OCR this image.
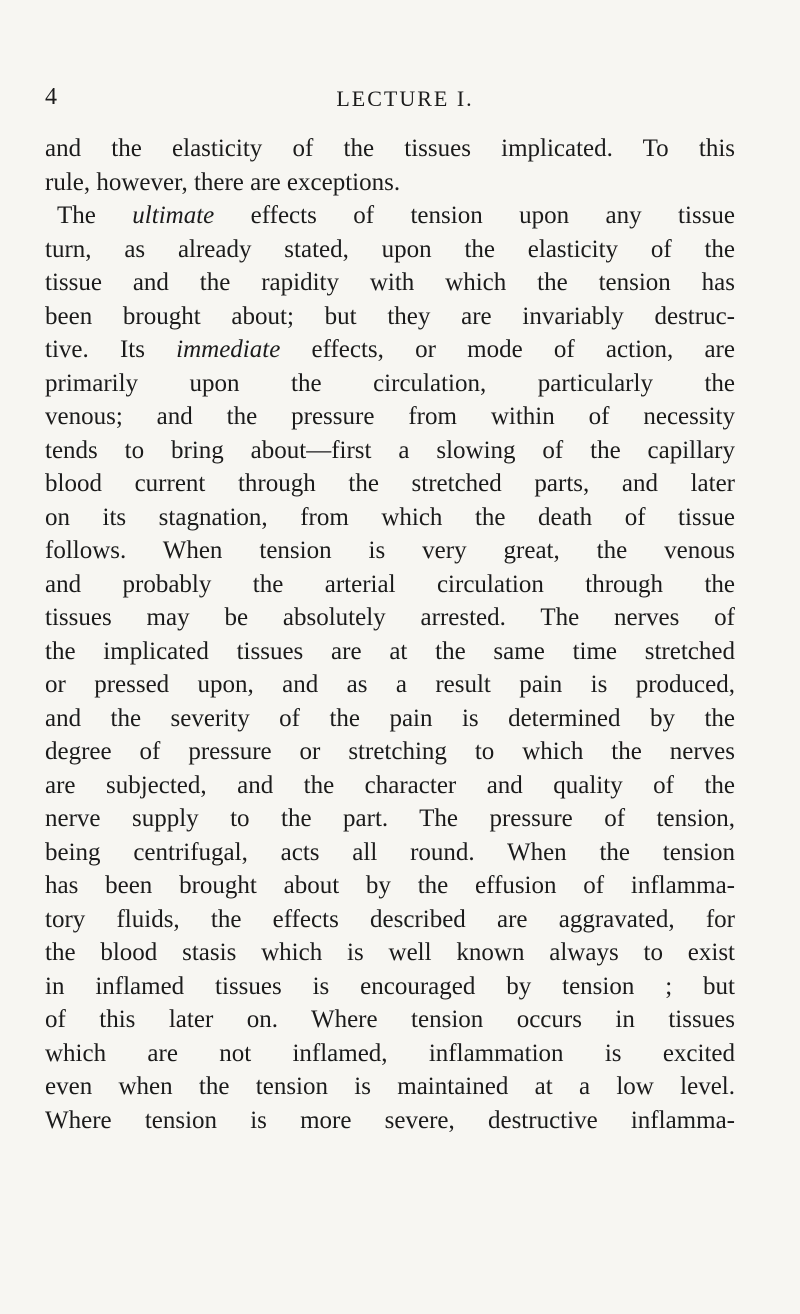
4	LECTURE I.
and the elasticity of the tissues implicated. To this
rule, however, there are exceptions.
The ultimate effects of tension upon any tissue
turn, as already stated, upon the elasticity of the
tissue and the rapidity with which the tension has
been brought about; but they are invariably destruc-
tive. Its immediate effects, or mode of action, are
primarily upon the circulation, particularly the
venous; and the pressure from within of necessity
tends to bring about—first a slowing of the capillary
blood current through the stretched parts, and later
on its stagnation, from which the death of tissue
follows. When tension is very great, the venous
and probably the arterial circulation through the
tissues may be absolutely arrested. The nerves of
the implicated tissues are at the same time stretched
or pressed upon, and as a result pain is produced,
and the severity of the pain is determined by the
degree of pressure or stretching to which the nerves
are subjected, and the character and quality of the
nerve supply to the part. The pressure of tension,
being centrifugal, acts all round. When the tension
has been brought about by the effusion of inflamma-
tory fluids, the effects described are aggravated, for
the blood stasis which is well known always to exist
in inflamed tissues is encouraged by tension ; but
of this later on. Where tension occurs in tissues
which are not inflamed, inflammation is excited
even when the tension is maintained at a low level.
Where tension is more severe, destructive inflamma-
